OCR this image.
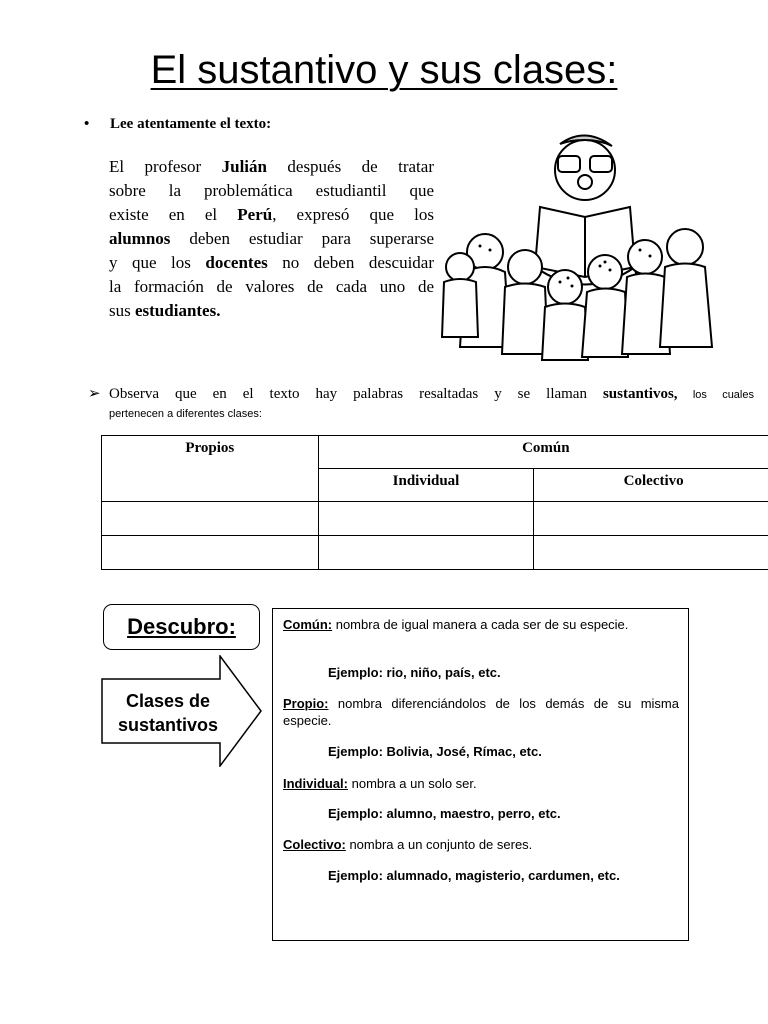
El sustantivo y sus clases:
• Lee atentamente el texto:

El profesor Julián después de tratar

sobre la problemática estudiantil que

existe en el Perú, expresó que los

alumnos deben estudiar para superarse

y que los docentes no deben descuidar

la formación de valores de cada uno de

sus estudiantes.

➢ Observa que en el texto hay palabras resaltadas y se llaman sustantivos, los cuales
pertenecen a diferentes clases:
Propios	Común	
	Individual	Colectivo

Descubro:
Clases de
sustantivos
Común: nombra de igual manera a cada ser de su especie.
Ejemplo: rio, niño, país, etc.
Propio: nombra diferenciándolos de los demás de su misma especie.
Ejemplo: Bolivia, José, Rímac, etc.
Individual: nombra a un solo ser.
Ejemplo: alumno, maestro, perro, etc.
Colectivo: nombra a un conjunto de seres.
Ejemplo: alumnado, magisterio, cardumen, etc.
